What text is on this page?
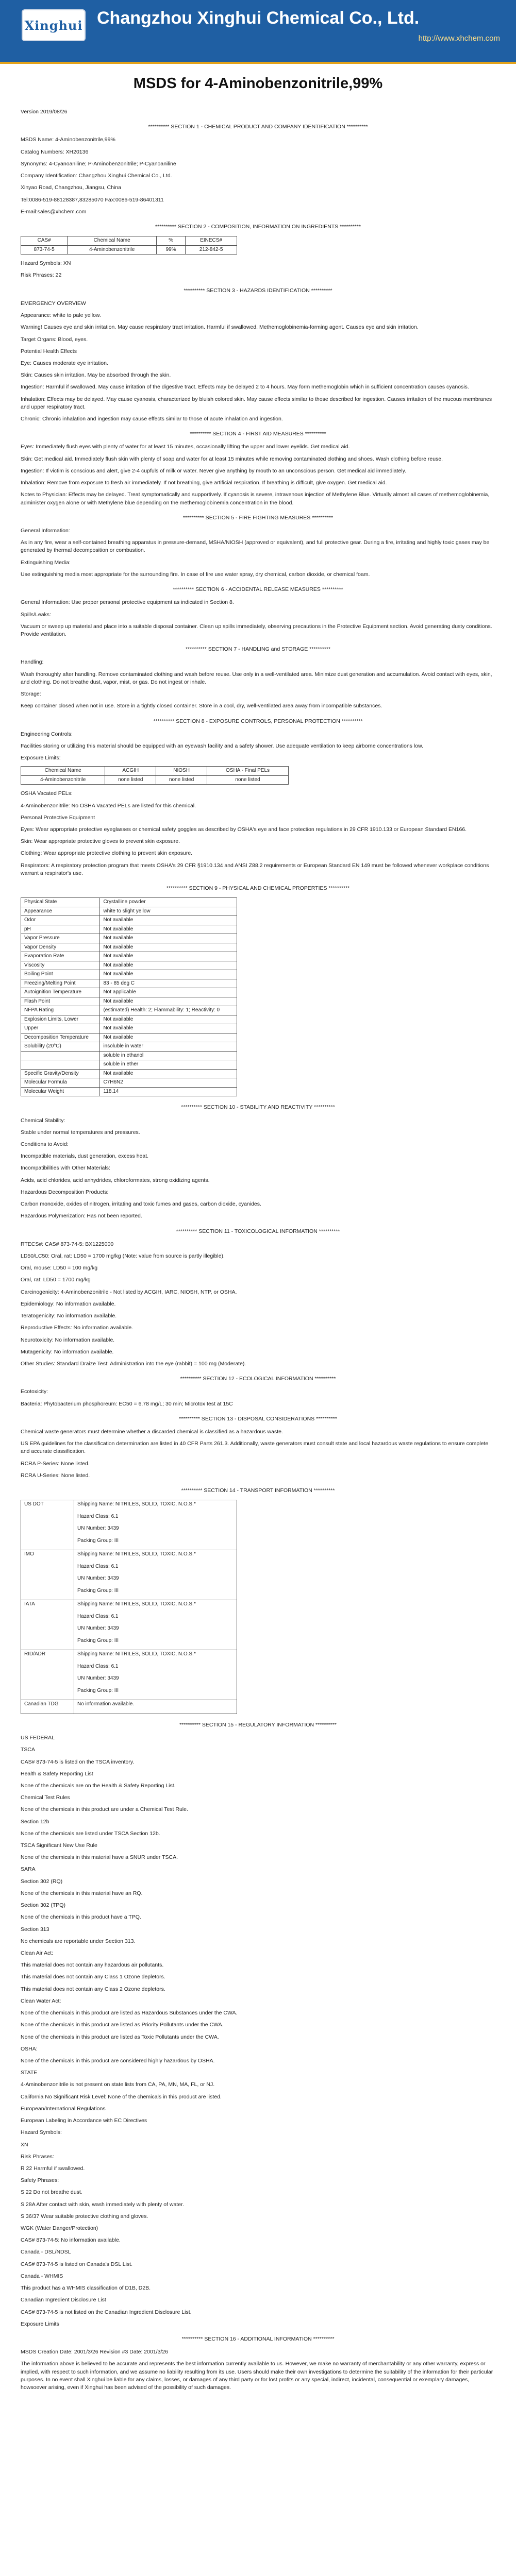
Xinghui Changzhou Xinghui Chemical Co., Ltd.
http://www.xhchem.com
MSDS for 4-Aminobenzonitrile,99%

Version 2019/08/26

********** SECTION 1 - CHEMICAL PRODUCT AND COMPANY IDENTIFICATION **********

MSDS Name: 4-Aminobenzonitrile,99%

Catalog Numbers: XH20136

Synonyms: 4-Cyanoaniline; P-Aminobenzonitrile; P-Cyanoaniline

Company Identification: Changzhou Xinghui Chemical Co., Ltd.

Xinyao Road, Changzhou, Jiangsu, China

Tel:0086-519-88128387,83285070 Fax:0086-519-86401311

E-mail:sales@xhchem.com

********** SECTION 2 - COMPOSITION, INFORMATION ON INGREDIENTS **********

CAS#	Chemical Name	%	EINECS#
873-74-5	4-Aminobenzonitrile	99%	212-842-5

Hazard Symbols: XN

Risk Phrases: 22

********** SECTION 3 - HAZARDS IDENTIFICATION **********

EMERGENCY OVERVIEW

Appearance: white to pale yellow.

Warning! Causes eye and skin irritation. May cause respiratory tract irritation. Harmful if swallowed. Methemoglobinemia-forming agent. Causes eye and skin irritation.

Target Organs: Blood, eyes.

Potential Health Effects

Eye: Causes moderate eye irritation.

Skin: Causes skin irritation. May be absorbed through the skin.

Ingestion: Harmful if swallowed. May cause irritation of the digestive tract. Effects may be delayed 2 to 4 hours. May form methemoglobin which in sufficient concentration causes cyanosis.

Inhalation: Effects may be delayed. May cause cyanosis, characterized by bluish colored skin. May cause effects similar to those described for ingestion. Causes irritation of the mucous membranes and upper respiratory tract.

Chronic: Chronic inhalation and ingestion may cause effects similar to those of acute inhalation and ingestion.

********** SECTION 4 - FIRST AID MEASURES **********

Eyes: Immediately flush eyes with plenty of water for at least 15 minutes, occasionally lifting the upper and lower eyelids. Get medical aid.

Skin: Get medical aid. Immediately flush skin with plenty of soap and water for at least 15 minutes while removing contaminated clothing and shoes. Wash clothing before reuse.

Ingestion: If victim is conscious and alert, give 2-4 cupfuls of milk or water. Never give anything by mouth to an unconscious person. Get medical aid immediately.

Inhalation: Remove from exposure to fresh air immediately. If not breathing, give artificial respiration. If breathing is difficult, give oxygen. Get medical aid.

Notes to Physician: Effects may be delayed. Treat symptomatically and supportively. If cyanosis is severe, intravenous injection of Methylene Blue. Virtually almost all cases of methemoglobinemia, administer oxygen alone or with Methylene blue depending on the methemoglobinemia concentration in the blood.

********** SECTION 5 - FIRE FIGHTING MEASURES **********

General Information:

As in any fire, wear a self-contained breathing apparatus in pressure-demand, MSHA/NIOSH (approved or equivalent), and full protective gear. During a fire, irritating and highly toxic gases may be generated by thermal decomposition or combustion.

Extinguishing Media:

Use extinguishing media most appropriate for the surrounding fire. In case of fire use water spray, dry chemical, carbon dioxide, or chemical foam.

********** SECTION 6 - ACCIDENTAL RELEASE MEASURES **********

General Information: Use proper personal protective equipment as indicated in Section 8.

Spills/Leaks:

Vacuum or sweep up material and place into a suitable disposal container. Clean up spills immediately, observing precautions in the Protective Equipment section. Avoid generating dusty conditions. Provide ventilation.

********** SECTION 7 - HANDLING and STORAGE **********

Handling:

Wash thoroughly after handling. Remove contaminated clothing and wash before reuse. Use only in a well-ventilated area. Minimize dust generation and accumulation. Avoid contact with eyes, skin, and clothing. Do not breathe dust, vapor, mist, or gas. Do not ingest or inhale.

Storage:

Keep container closed when not in use. Store in a tightly closed container. Store in a cool, dry, well-ventilated area away from incompatible substances.

********** SECTION 8 - EXPOSURE CONTROLS, PERSONAL PROTECTION **********

Engineering Controls:

Facilities storing or utilizing this material should be equipped with an eyewash facility and a safety shower. Use adequate ventilation to keep airborne concentrations low.

Exposure Limits:

Chemical Name	ACGIH	NIOSH	OSHA - Final PELs
4-Aminobenzonitrile	none listed	none listed	none listed

OSHA Vacated PELs:

4-Aminobenzonitrile: No OSHA Vacated PELs are listed for this chemical.

Personal Protective Equipment

Eyes: Wear appropriate protective eyeglasses or chemical safety goggles as described by OSHA's eye and face protection regulations in 29 CFR 1910.133 or European Standard EN166.

Skin: Wear appropriate protective gloves to prevent skin exposure.

Clothing: Wear appropriate protective clothing to prevent skin exposure.

Respirators: A respiratory protection program that meets OSHA's 29 CFR §1910.134 and ANSI Z88.2 requirements or European Standard EN 149 must be followed whenever workplace conditions warrant a respirator's use.

********** SECTION 9 - PHYSICAL AND CHEMICAL PROPERTIES **********

Physical State	Crystalline powder
Appearance	white to slight yellow
Odor	Not available
pH	Not available
Vapor Pressure	Not available
Vapor Density	Not available
Evaporation Rate	Not available
Viscosity	Not available
Boiling Point	Not available
Freezing/Melting Point	83 - 85 deg C
Autoignition Temperature	Not applicable
Flash Point	Not available
NFPA Rating	(estimated) Health: 2; Flammability: 1; Reactivity: 0
Explosion Limits, Lower	Not available
Upper	Not available
Decomposition Temperature	Not available
Solubility (20°C)	insoluble in water
	soluble in ethanol
	soluble in ether
Specific Gravity/Density	Not available
Molecular Formula	C7H6N2
Molecular Weight	118.14

********** SECTION 10 - STABILITY AND REACTIVITY **********

Chemical Stability:

Stable under normal temperatures and pressures.

Conditions to Avoid:

Incompatible materials, dust generation, excess heat.

Incompatibilities with Other Materials:

Acids, acid chlorides, acid anhydrides, chloroformates, strong oxidizing agents.

Hazardous Decomposition Products:

Carbon monoxide, oxides of nitrogen, irritating and toxic fumes and gases, carbon dioxide, cyanides.

Hazardous Polymerization: Has not been reported.

********** SECTION 11 - TOXICOLOGICAL INFORMATION **********

RTECS#: CAS# 873-74-5: BX1225000

LD50/LC50: Oral, rat: LD50 = 1700 mg/kg (Note: value from source is partly illegible).

Oral, mouse: LD50 = 100 mg/kg

Oral, rat: LD50 = 1700 mg/kg

Carcinogenicity: 4-Aminobenzonitrile - Not listed by ACGIH, IARC, NIOSH, NTP, or OSHA.

Epidemiology: No information available.

Teratogenicity: No information available.

Reproductive Effects: No information available.

Neurotoxicity: No information available.

Mutagenicity: No information available.

Other Studies: Standard Draize Test: Administration into the eye (rabbit) = 100 mg (Moderate).

********** SECTION 12 - ECOLOGICAL INFORMATION **********

Ecotoxicity:

Bacteria: Phytobacterium phosphoreum: EC50 = 6.78 mg/L; 30 min; Microtox test at 15C

********** SECTION 13 - DISPOSAL CONSIDERATIONS **********

Chemical waste generators must determine whether a discarded chemical is classified as a hazardous waste.

US EPA guidelines for the classification determination are listed in 40 CFR Parts 261.3. Additionally, waste generators must consult state and local hazardous waste regulations to ensure complete and accurate classification.

RCRA P-Series: None listed.

RCRA U-Series: None listed.

********** SECTION 14 - TRANSPORT INFORMATION **********

US DOT	Shipping Name: NITRILES, SOLID, TOXIC, N.O.S.*
Hazard Class: 6.1
UN Number: 3439
Packing Group: III

IMO	Shipping Name: NITRILES, SOLID, TOXIC, N.O.S.*
Hazard Class: 6.1
UN Number: 3439
Packing Group: III

IATA	Shipping Name: NITRILES, SOLID, TOXIC, N.O.S.*
Hazard Class: 6.1
UN Number: 3439
Packing Group: III

RID/ADR	Shipping Name: NITRILES, SOLID, TOXIC, N.O.S.*
Hazard Class: 6.1
UN Number: 3439
Packing Group: III

Canadian TDG	No information available.

********** SECTION 15 - REGULATORY INFORMATION **********

US FEDERAL

TSCA

CAS# 873-74-5 is listed on the TSCA inventory.

Health & Safety Reporting List

None of the chemicals are on the Health & Safety Reporting List.

Chemical Test Rules

None of the chemicals in this product are under a Chemical Test Rule.

Section 12b

None of the chemicals are listed under TSCA Section 12b.

TSCA Significant New Use Rule

None of the chemicals in this material have a SNUR under TSCA.

SARA

Section 302 (RQ)

None of the chemicals in this material have an RQ.

Section 302 (TPQ)

None of the chemicals in this product have a TPQ.

Section 313

No chemicals are reportable under Section 313.

Clean Air Act:

This material does not contain any hazardous air pollutants.

This material does not contain any Class 1 Ozone depletors.

This material does not contain any Class 2 Ozone depletors.

Clean Water Act:

None of the chemicals in this product are listed as Hazardous Substances under the CWA.

None of the chemicals in this product are listed as Priority Pollutants under the CWA.

None of the chemicals in this product are listed as Toxic Pollutants under the CWA.

OSHA:

None of the chemicals in this product are considered highly hazardous by OSHA.

STATE

4-Aminobenzonitrile is not present on state lists from CA, PA, MN, MA, FL, or NJ.

California No Significant Risk Level: None of the chemicals in this product are listed.

European/International Regulations

European Labeling in Accordance with EC Directives

Hazard Symbols:

XN

Risk Phrases:

R 22 Harmful if swallowed.

Safety Phrases:

S 22 Do not breathe dust.

S 28A After contact with skin, wash immediately with plenty of water.

S 36/37 Wear suitable protective clothing and gloves.

WGK (Water Danger/Protection)

CAS# 873-74-5: No information available.

Canada - DSL/NDSL

CAS# 873-74-5 is listed on Canada's DSL List.

Canada - WHMIS

This product has a WHMIS classification of D1B, D2B.

Canadian Ingredient Disclosure List

CAS# 873-74-5 is not listed on the Canadian Ingredient Disclosure List.

Exposure Limits

********** SECTION 16 - ADDITIONAL INFORMATION **********

MSDS Creation Date: 2001/3/26 Revision #3 Date: 2001/3/26

The information above is believed to be accurate and represents the best information currently available to us. However, we make no warranty of merchantability or any other warranty, express or implied, with respect to such information, and we assume no liability resulting from its use. Users should make their own investigations to determine the suitability of the information for their particular purposes. In no event shall Xinghui be liable for any claims, losses, or damages of any third party or for lost profits or any special, indirect, incidental, consequential or exemplary damages, howsoever arising, even if Xinghui has been advised of the possibility of such damages.
